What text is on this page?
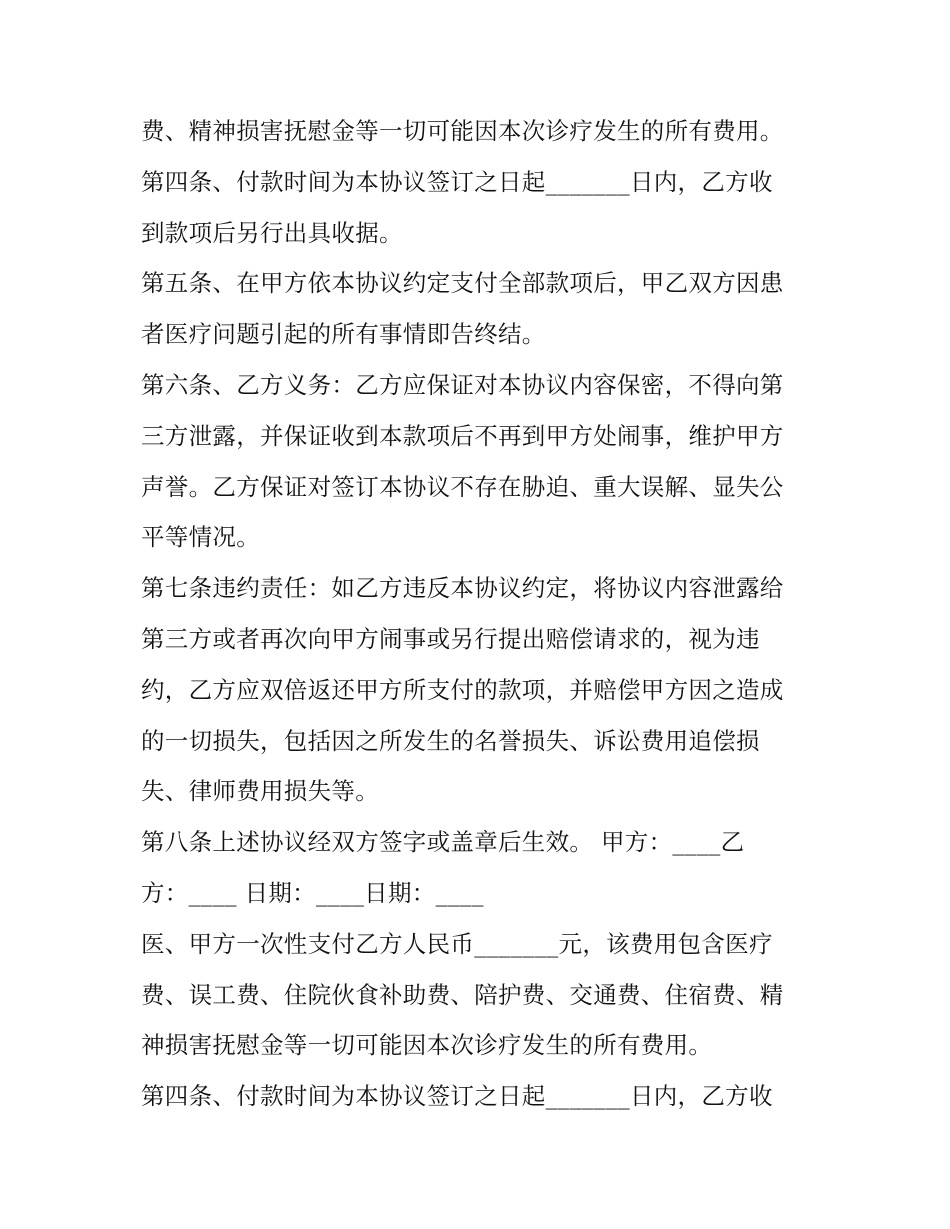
费、精神损害抚慰金等一切可能因本次诊疗发生的所有费用。
第四条、付款时间为本协议签订之日起_______日内，乙方收
到款项后另行出具收据。
第五条、在甲方依本协议约定支付全部款项后，甲乙双方因患
者医疗问题引起的所有事情即告终结。
第六条、乙方义务：乙方应保证对本协议内容保密，不得向第
三方泄露，并保证收到本款项后不再到甲方处闹事，维护甲方
声誉。乙方保证对签订本协议不存在胁迫、重大误解、显失公
平等情况。
第七条违约责任：如乙方违反本协议约定，将协议内容泄露给
第三方或者再次向甲方闹事或另行提出赔偿请求的，视为违
约，乙方应双倍返还甲方所支付的款项，并赔偿甲方因之造成
的一切损失，包括因之所发生的名誉损失、诉讼费用追偿损
失、律师费用损失等。
第八条上述协议经双方签字或盖章后生效。 甲方：____乙
方：____ 日期：____日期：____
医、甲方一次性支付乙方人民币_______元，该费用包含医疗
费、误工费、住院伙食补助费、陪护费、交通费、住宿费、精
神损害抚慰金等一切可能因本次诊疗发生的所有费用。
第四条、付款时间为本协议签订之日起_______日内，乙方收
